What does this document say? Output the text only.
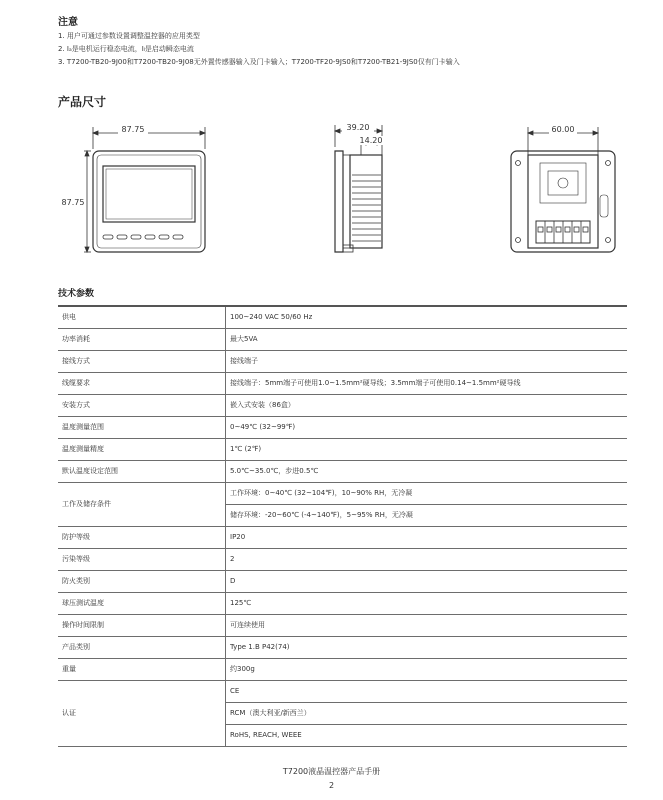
注意
1. 用户可通过参数设置调整温控器的应用类型
2. Iₐ是电机运行稳态电流，Iₗ是启动瞬态电流
3. T7200-TB20-9J00和T7200-TB20-9J08无外置传感器输入及门卡输入；T7200-TF20-9JS0和T7200-TB21-9JS0仅有门卡输入
产品尺寸
87.75
87.75
39.20
14.20
60.00
技术参数
供电	100~240 VAC 50/60 Hz
功率消耗	最大5VA
接线方式	接线端子
线缆要求	接线端子：5mm端子可使用1.0~1.5mm²硬导线；3.5mm端子可使用0.14~1.5mm²硬导线
安装方式	嵌入式安装（86盒）
温度测量范围	0~49℃ (32~99℉)
温度测量精度	1℃ (2℉)
默认温度设定范围	5.0℃~35.0℃，步进0.5℃
工作及储存条件	工作环境：0~40℃ (32~104℉)，10~90% RH，无冷凝
	储存环境：-20~60℃ (-4~140℉)，5~95% RH，无冷凝
防护等级	IP20
污染等级	2
防火类别	D
球压测试温度	125℃
操作时间限制	可连续使用
产品类别	Type 1.B P42(74)
重量	约300g
认证	CE
	RCM（澳大利亚/新西兰）
	RoHS, REACH, WEEE
T7200液晶温控器产品手册
2
